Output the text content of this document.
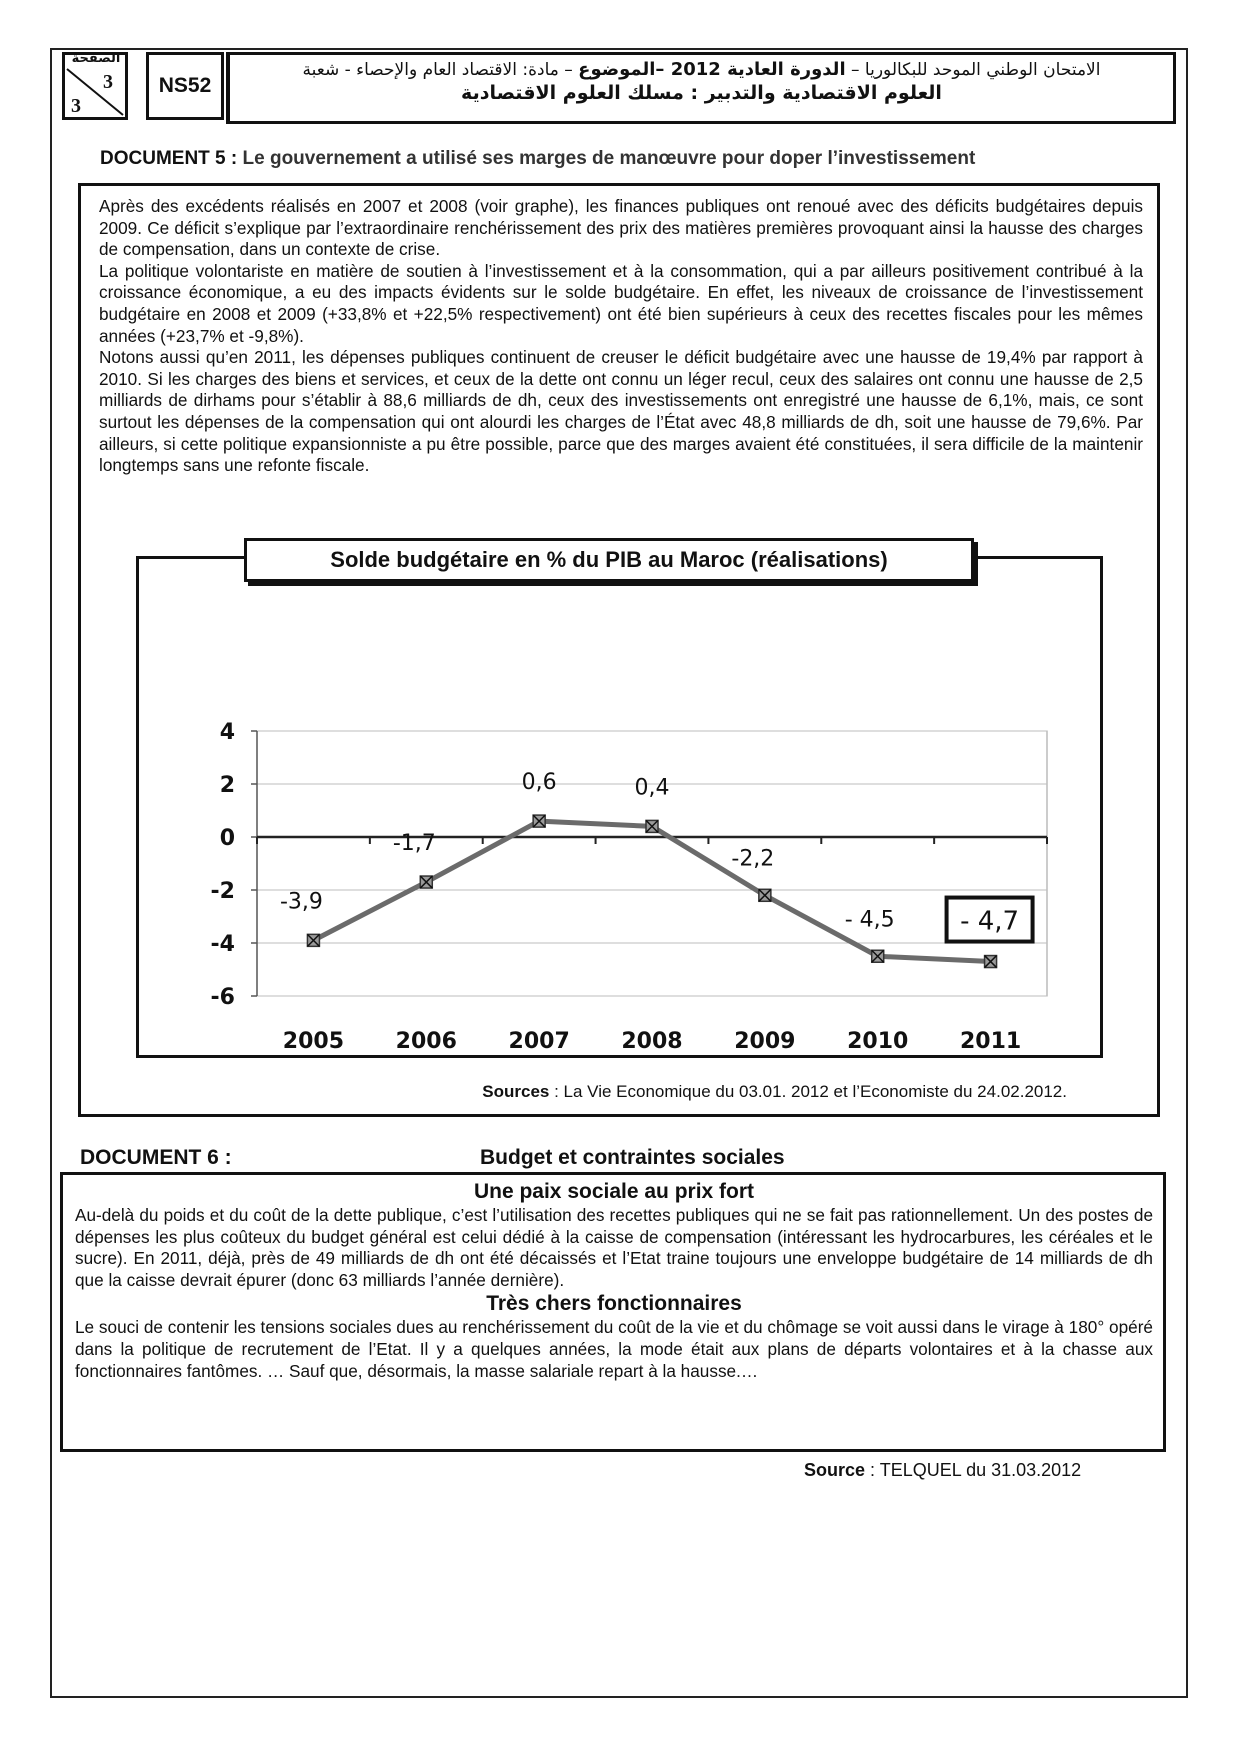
الصفحة
3
3
NS52
الامتحان الوطني الموحد للبكالوريا – الدورة العادية 2012 –الموضوع – مادة: الاقتصاد العام والإحصاء - شعبة
العلوم الاقتصادية والتدبير : مسلك العلوم الاقتصادية
DOCUMENT 5 : Le gouvernement a utilisé ses marges de manœuvre pour doper l’investissement

Après des excédents réalisés en 2007 et 2008 (voir graphe), les finances publiques ont renoué avec des déficits budgétaires depuis 2009. Ce déficit s’explique par l’extraordinaire renchérissement des prix des matières premières provoquant ainsi la hausse des charges de compensation, dans un contexte de crise.

La politique volontariste en matière de soutien à l’investissement et à la consommation, qui a par ailleurs positivement contribué à la croissance économique, a eu des impacts évidents sur le solde budgétaire. En effet, les niveaux de croissance de l’investissement budgétaire en 2008 et 2009 (+33,8% et +22,5% respectivement) ont été bien supérieurs à ceux des recettes fiscales pour les mêmes années (+23,7% et -9,8%).

Notons aussi qu’en 2011, les dépenses publiques continuent de creuser le déficit budgétaire avec une hausse de 19,4% par rapport à 2010. Si les charges des biens et services, et ceux de la dette ont connu un léger recul, ceux des salaires ont connu une hausse de 2,5 milliards de dirhams pour s’établir à 88,6 milliards de dh, ceux des investissements ont enregistré une hausse de 6,1%, mais, ce sont surtout les dépenses de la compensation qui ont alourdi les charges de l’État avec 48,8 milliards de dh, soit une hausse de 79,6%. Par ailleurs, si cette politique expansionniste a pu être possible, parce que des marges avaient été constituées, il sera difficile de la maintenir longtemps sans une refonte fiscale.

Solde budgétaire en % du PIB au Maroc (réalisations)
4
2
0
-2
-4
-6
-3,9
-1,7
0,6	0,4
-2,2
- 4,5	- 4,7
2005 2006 2007 2008 2009 2010 2011
Sources : La Vie Economique du 03.01. 2012 et l’Economiste du 24.02.2012.
DOCUMENT 6 :	Budget et contraintes sociales
Une paix sociale au prix fort

Au-delà du poids et du coût de la dette publique, c’est l’utilisation des recettes publiques qui ne se fait pas rationnellement. Un des postes de dépenses les plus coûteux du budget général est celui dédié à la caisse de compensation (intéressant les hydrocarbures, les céréales et le sucre). En 2011, déjà, près de 49 milliards de dh ont été décaissés et l’Etat traine toujours une enveloppe budgétaire de 14 milliards de dh que la caisse devrait épurer (donc 63 milliards l’année dernière).

Très chers fonctionnaires

Le souci de contenir les tensions sociales dues au renchérissement du coût de la vie et du chômage se voit aussi dans le virage à 180° opéré dans la politique de recrutement de l’Etat. Il y a quelques années, la mode était aux plans de départs volontaires et à la chasse aux fonctionnaires fantômes. … Sauf que, désormais, la masse salariale repart à la hausse.…

Source : TELQUEL du 31.03.2012
